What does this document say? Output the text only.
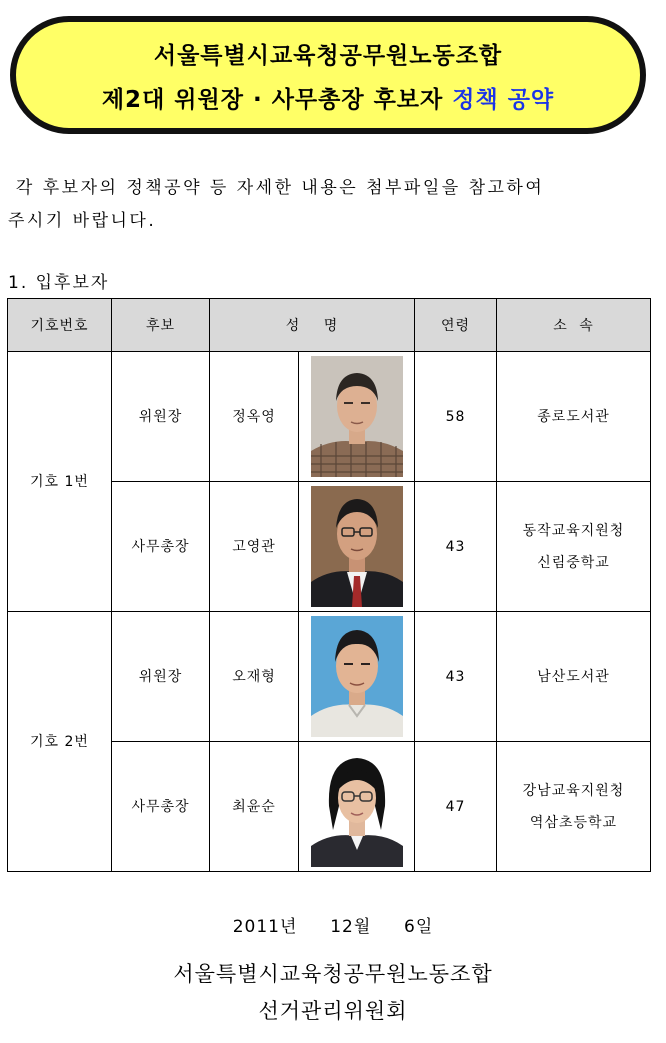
서울특별시교육청공무원노동조합
제2대 위원장 · 사무총장 후보자 정책 공약
각 후보자의 정책공약 등 자세한 내용은 첨부파일을 참고하여
주시기 바랍니다.
1. 입후보자
기호번호	후보	성 명		연령	소 속
기호 1번	위원장	정옥영		58	종로도서관

	사무총장	고영관		43	동작교육지원청
신림중학교

기호 2번	위원장	오재형		43	남산도서관

	사무총장	최윤순		47	강남교육지원청
역삼초등학교
2011년  12월  6일
서울특별시교육청공무원노동조합
선거관리위원회
